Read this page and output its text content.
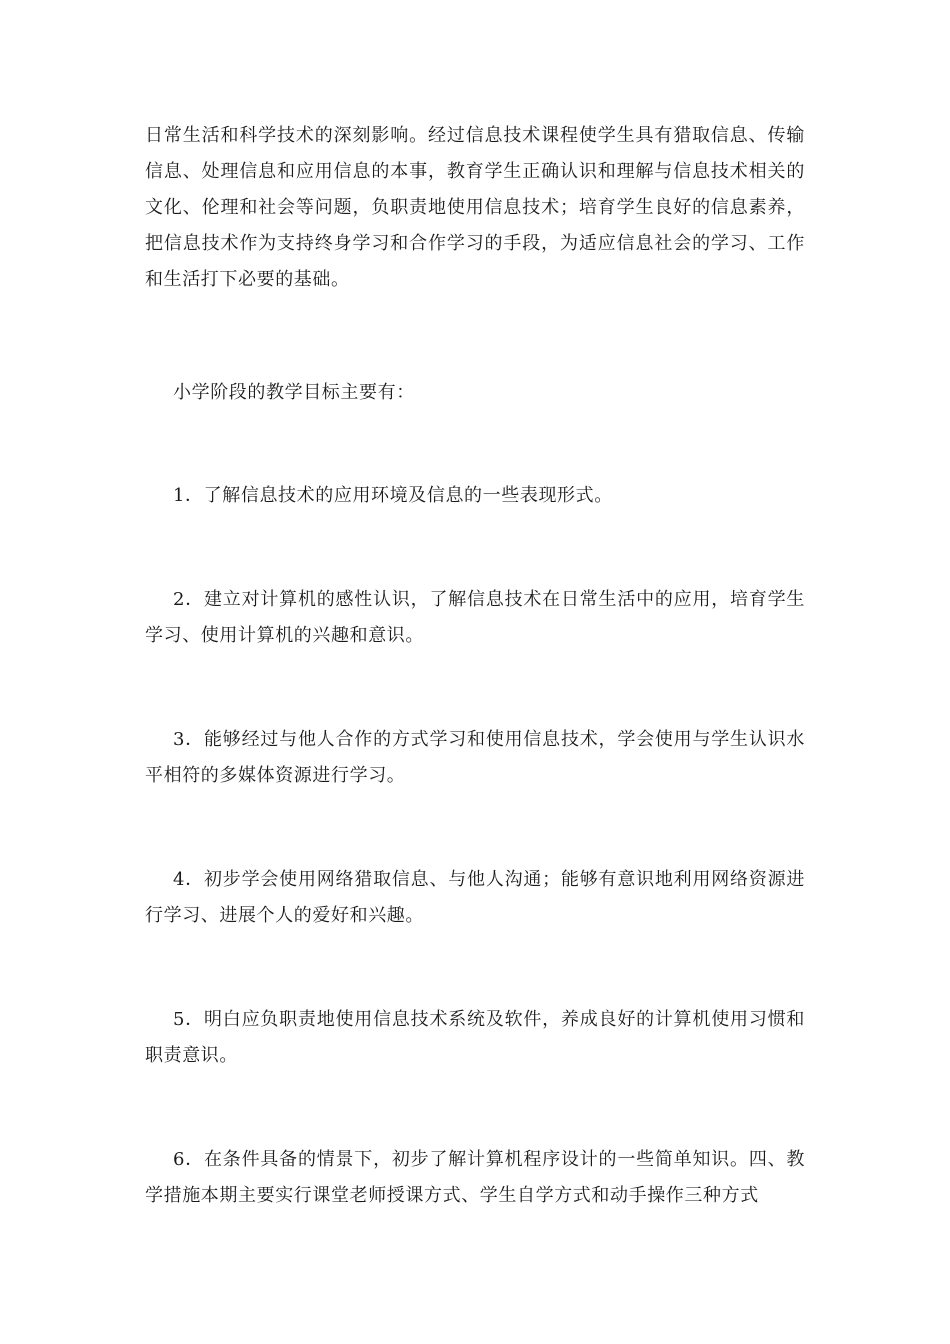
日常生活和科学技术的深刻影响。经过信息技术课程使学生具有猎取信息、传输信息、处理信息和应用信息的本事，教育学生正确认识和理解与信息技术相关的文化、伦理和社会等问题，负职责地使用信息技术；培育学生良好的信息素养，把信息技术作为支持终身学习和合作学习的手段，为适应信息社会的学习、工作和生活打下必要的基础。

小学阶段的教学目标主要有：

1．了解信息技术的应用环境及信息的一些表现形式。

2．建立对计算机的感性认识，了解信息技术在日常生活中的应用，培育学生学习、使用计算机的兴趣和意识。

3．能够经过与他人合作的方式学习和使用信息技术，学会使用与学生认识水平相符的多媒体资源进行学习。

4．初步学会使用网络猎取信息、与他人沟通；能够有意识地利用网络资源进行学习、进展个人的爱好和兴趣。

5．明白应负职责地使用信息技术系统及软件，养成良好的计算机使用习惯和职责意识。

6．在条件具备的情景下，初步了解计算机程序设计的一些简单知识。四、教学措施本期主要实行课堂老师授课方式、学生自学方式和动手操作三种方式
